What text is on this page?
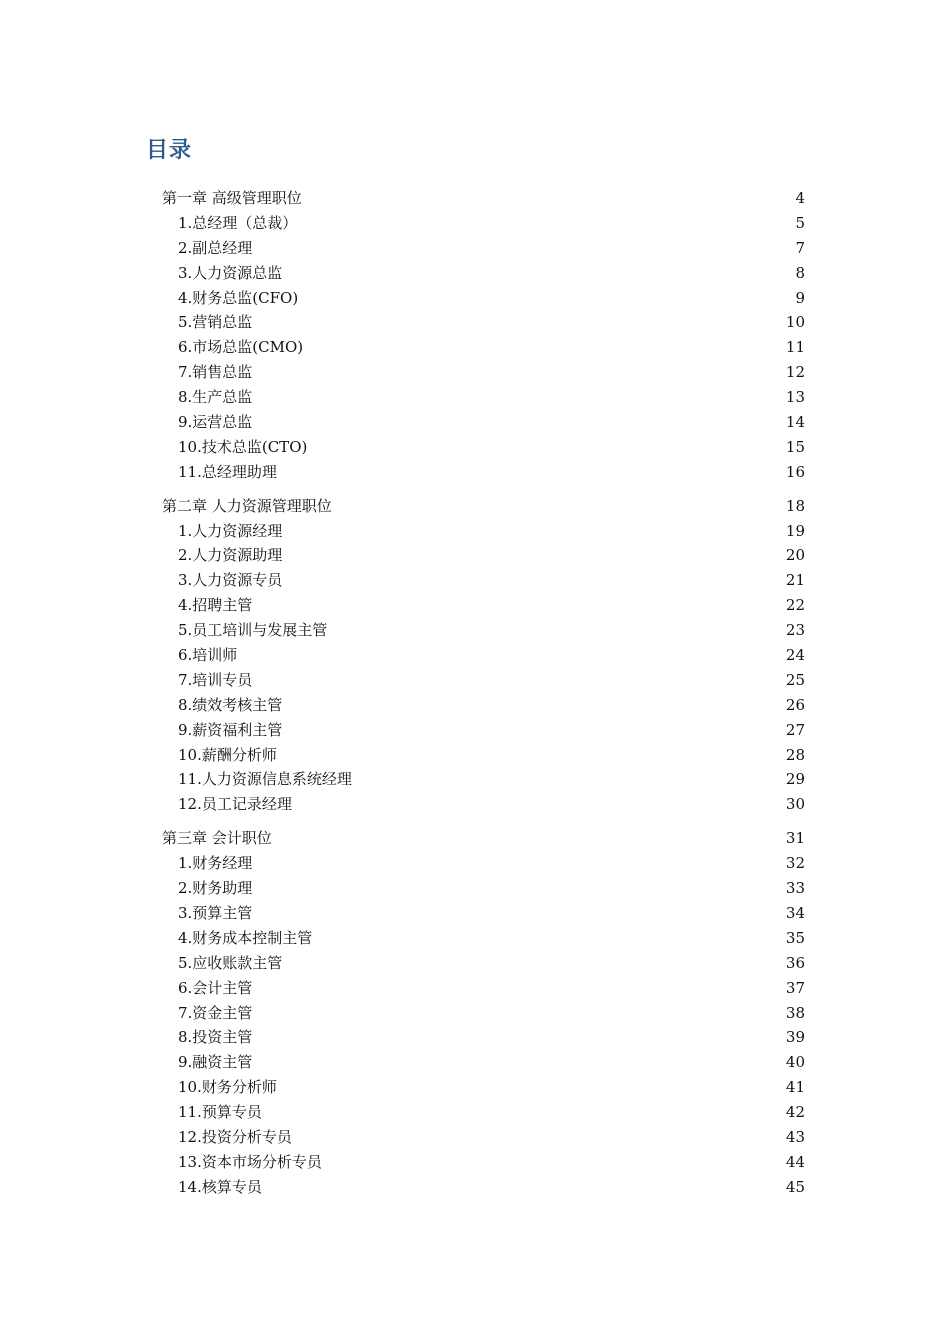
目录
第一章 高级管理职位	4
1.总经理（总裁）	5
2.副总经理	7
3.人力资源总监	8
4.财务总监(CFO)	9
5.营销总监	10
6.市场总监(CMO)	11
7.销售总监	12
8.生产总监	13
9.运营总监	14
10.技术总监(CTO)	15
11.总经理助理	16
第二章 人力资源管理职位	18
1.人力资源经理	19
2.人力资源助理	20
3.人力资源专员	21
4.招聘主管	22
5.员工培训与发展主管	23
6.培训师	24
7.培训专员	25
8.绩效考核主管	26
9.薪资福利主管	27
10.薪酬分析师	28
11.人力资源信息系统经理	29
12.员工记录经理	30
第三章 会计职位	31
1.财务经理	32
2.财务助理	33
3.预算主管	34
4.财务成本控制主管	35
5.应收账款主管	36
6.会计主管	37
7.资金主管	38
8.投资主管	39
9.融资主管	40
10.财务分析师	41
11.预算专员	42
12.投资分析专员	43
13.资本市场分析专员	44
14.核算专员	45
